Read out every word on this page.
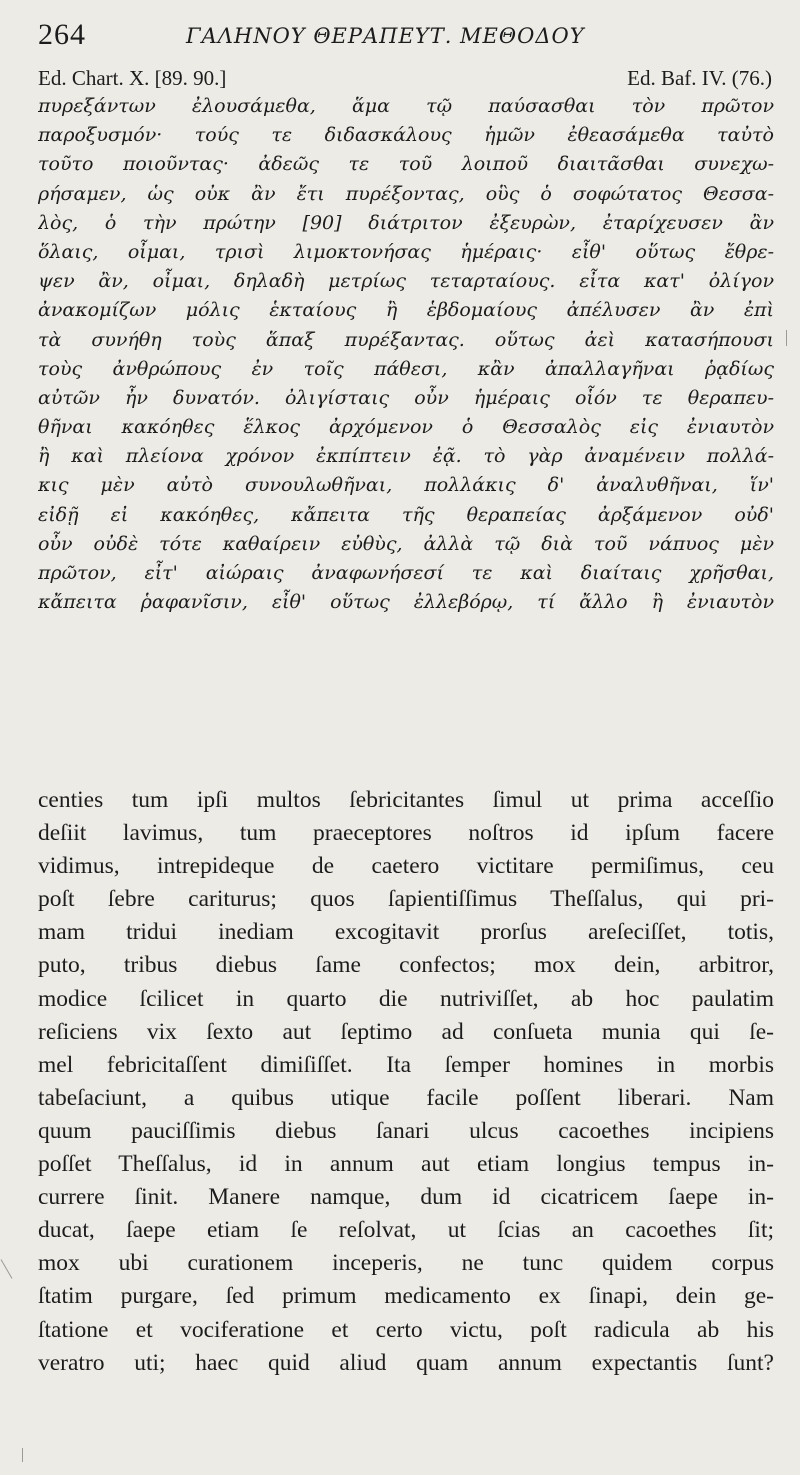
264	ΓΑΛΗΝΟΥ ΘΕΡΑΠΕΥΤ. ΜΕΘΟΔΟΥ
Ed. Chart. X. [89. 90.]	Ed. Baf. IV. (76.)
πυρεξάντων ἐλουσάμεθα, ἅμα τῷ παύσασθαι τὸν πρῶτον
παροξυσμόν· τούς τε διδασκάλους ἡμῶν ἐθεασάμεθα ταὐτὸ
τοῦτο ποιοῦντας· ἀδεῶς τε τοῦ λοιποῦ διαιτᾶσθαι συνεχω-
ρήσαμεν, ὡς οὐκ ἂν ἔτι πυρέξοντας, οὓς ὁ σοφώτατος Θεσσα-
λὸς, ὁ τὴν πρώτην [90] διάτριτον ἐξευρὼν, ἐταρίχευσεν ἂν
ὅλαις, οἶμαι, τρισὶ λιμοκτονήσας ἡμέραις· εἶθ' οὕτως ἔθρε-
ψεν ἂν, οἶμαι, δηλαδὴ μετρίως τεταρταίους. εἶτα κατ' ὀλίγον
ἀνακομίζων μόλις ἑκταίους ἢ ἑβδομαίους ἀπέλυσεν ἂν ἐπὶ
τὰ συνήθη τοὺς ἅπαξ πυρέξαντας. οὕτως ἀεὶ κατασήπουσι
τοὺς ἀνθρώπους ἐν τοῖς πάθεσι, κἂν ἀπαλλαγῆναι ῥᾳδίως
αὐτῶν ἦν δυνατόν. ὀλιγίσταις οὖν ἡμέραις οἷόν τε θεραπευ-
θῆναι κακόηθες ἕλκος ἀρχόμενον ὁ Θεσσαλὸς εἰς ἐνιαυτὸν
ἢ καὶ πλείονα χρόνον ἐκπίπτειν ἐᾷ. τὸ γὰρ ἀναμένειν πολλά-
κις μὲν αὐτὸ συνουλωθῆναι, πολλάκις δ' ἀναλυθῆναι, ἵν'
εἰδῇ εἰ κακόηθες, κἄπειτα τῆς θεραπείας ἀρξάμενον οὐδ'
οὖν οὐδὲ τότε καθαίρειν εὐθὺς, ἀλλὰ τῷ διὰ τοῦ νάπυος μὲν
πρῶτον, εἶτ' αἰώραις ἀναφωνήσεσί τε καὶ διαίταις χρῆσθαι,
κἄπειτα ῥαφανῖσιν, εἶθ' οὕτως ἐλλεβόρῳ, τί ἄλλο ἢ ἐνιαυτὸν
centies tum ipſi multos ſebricitantes ſimul ut prima acceſſio
deſiit lavimus, tum praeceptores noſtros id ipſum facere
vidimus, intrepideque de caetero victitare permiſimus, ceu
poſt ſebre cariturus; quos ſapientiſſimus Theſſalus, qui pri-
mam tridui inediam excogitavit prorſus areſeciſſet, totis,
puto, tribus diebus ſame confectos; mox dein, arbitror,
modice ſcilicet in quarto die nutriviſſet, ab hoc paulatim
reſiciens vix ſexto aut ſeptimo ad conſueta munia qui ſe-
mel febricitaſſent dimiſiſſet. Ita ſemper homines in morbis
tabeſaciunt, a quibus utique facile poſſent liberari. Nam
quum pauciſſimis diebus ſanari ulcus cacoethes incipiens
poſſet Theſſalus, id in annum aut etiam longius tempus in-
currere ſinit. Manere namque, dum id cicatricem ſaepe in-
ducat, ſaepe etiam ſe reſolvat, ut ſcias an cacoethes ſit;
mox ubi curationem inceperis, ne tunc quidem corpus
ſtatim purgare, ſed primum medicamento ex ſinapi, dein ge-
ſtatione et vociferatione et certo victu, poſt radicula ab his
veratro uti; haec quid aliud quam annum expectantis ſunt?
